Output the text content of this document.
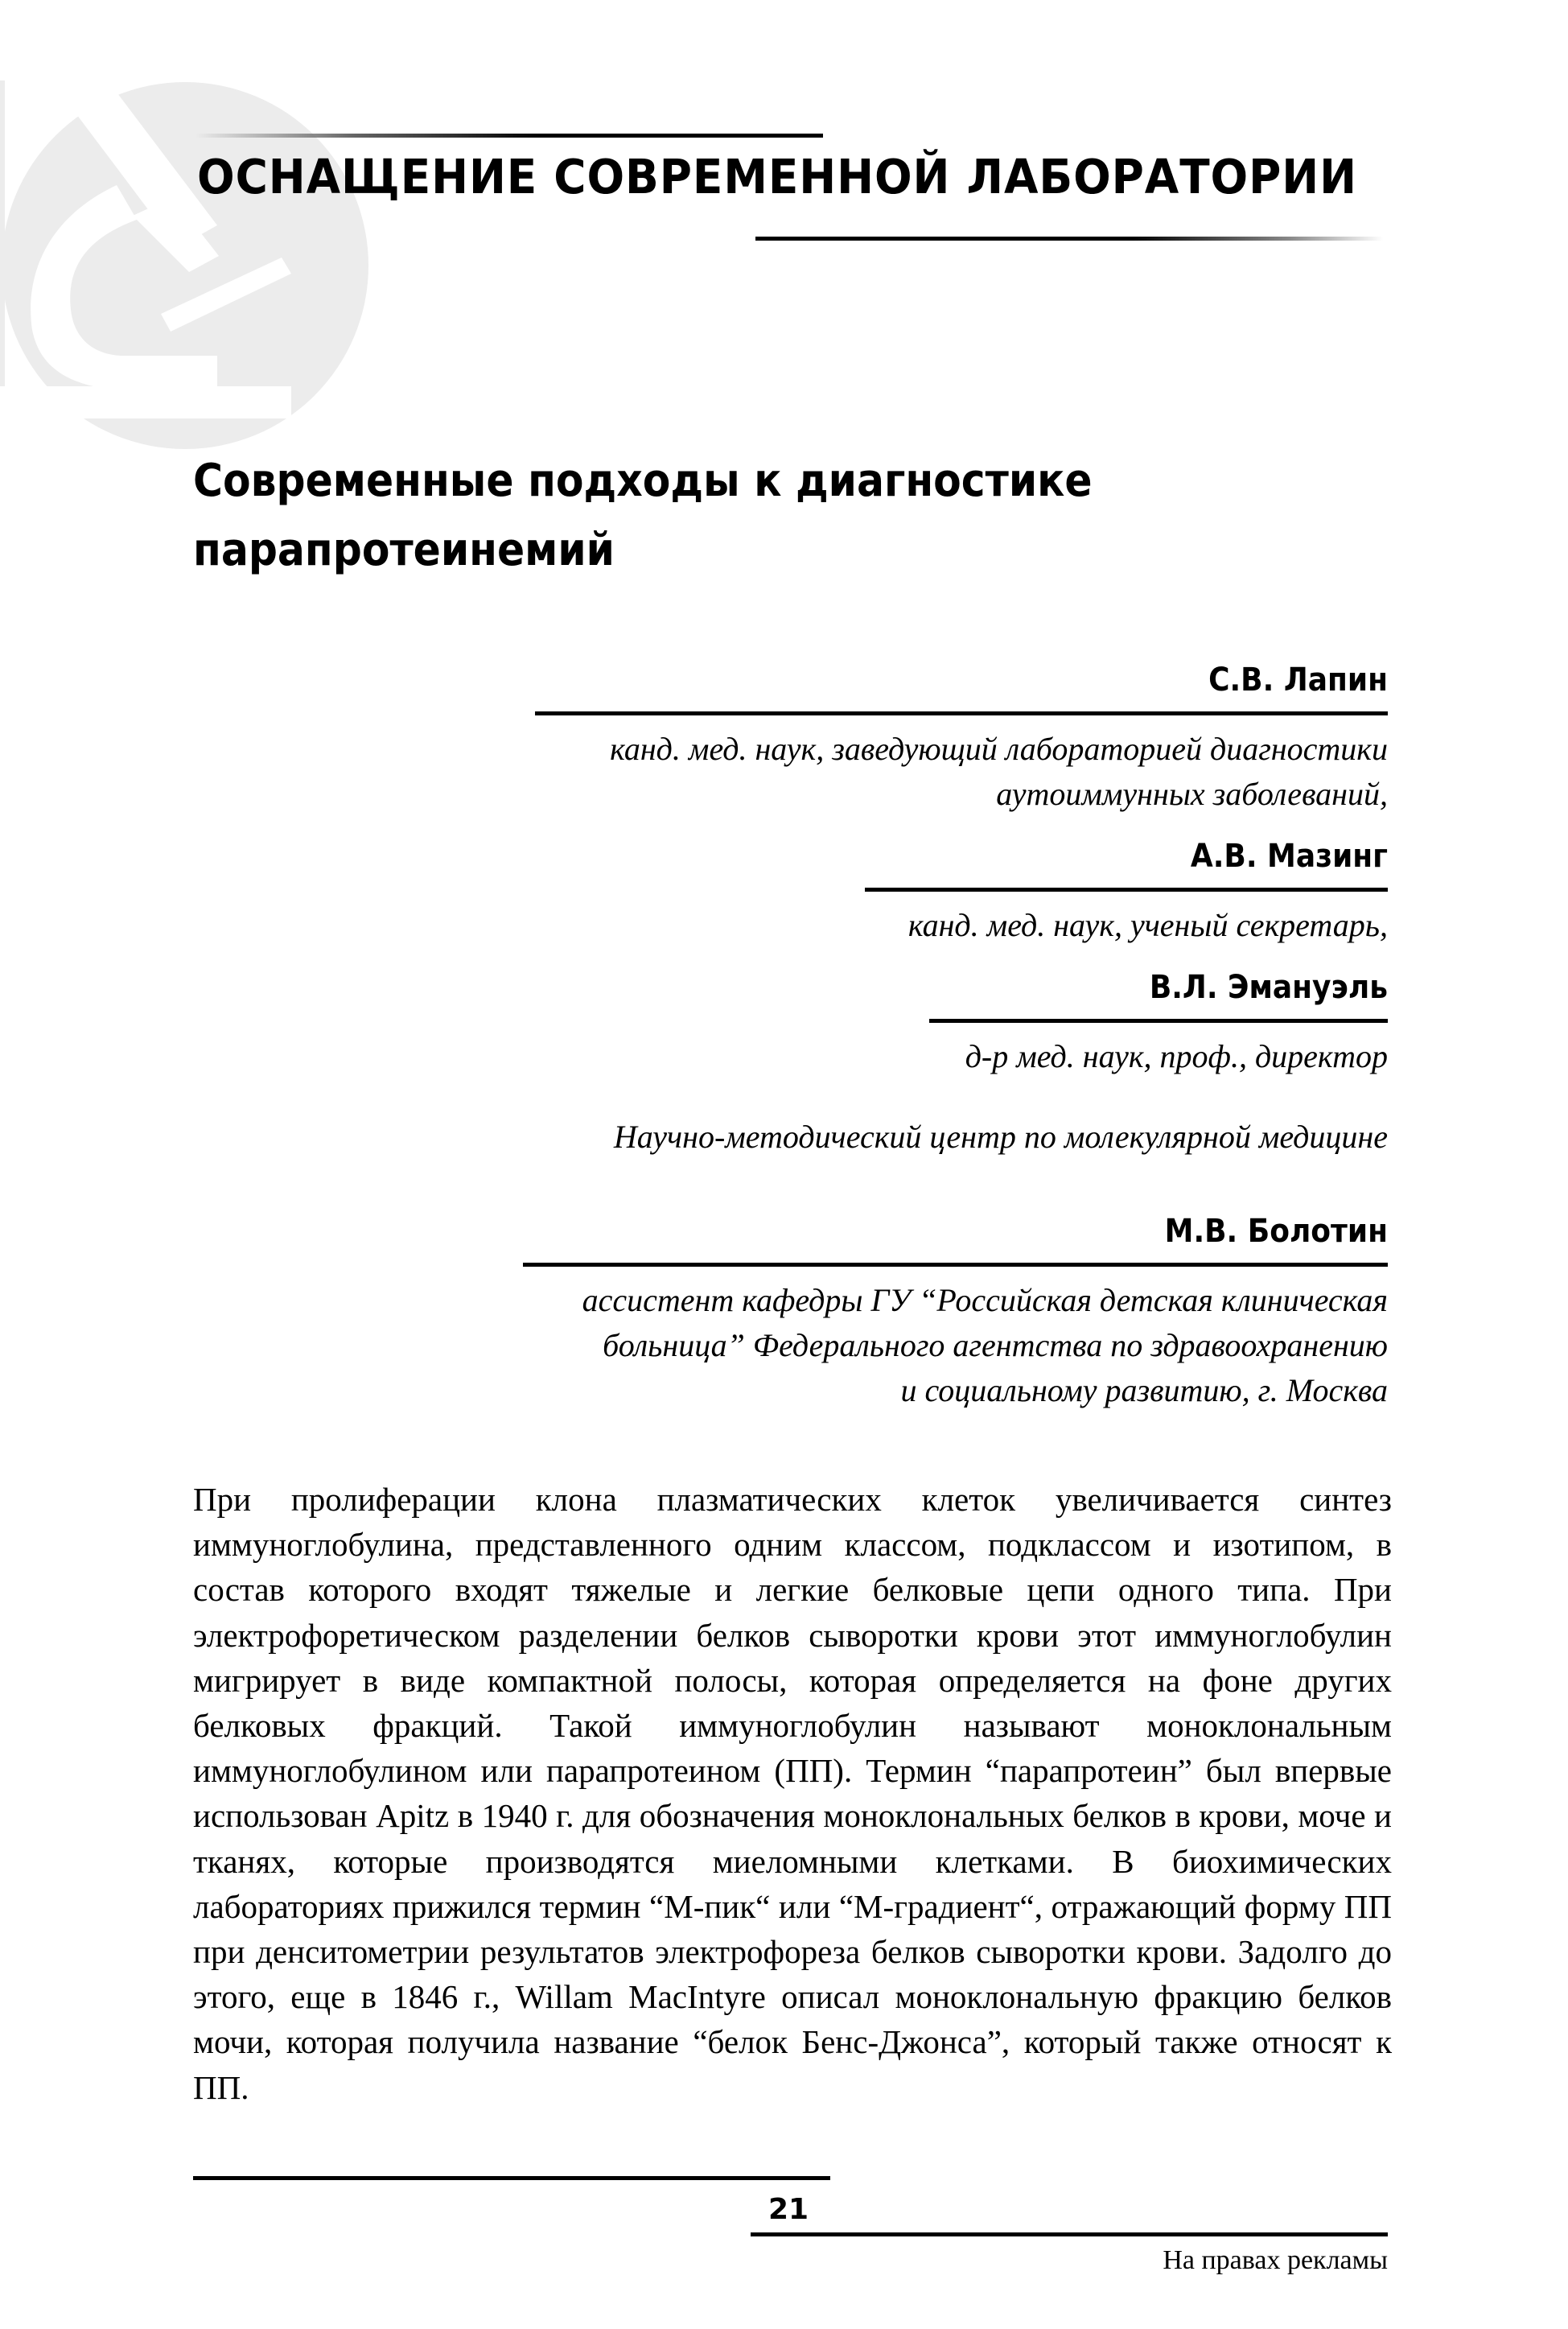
ОСНАЩЕНИЕ СОВРЕМЕННОЙ ЛАБОРАТОРИИ
Современные подходы к диагностике парапротеинемий
С.В. Лапин
канд. мед. наук, заведующий лабораторией диагностики
аутоиммунных заболеваний,
А.В. Мазинг
канд. мед. наук, ученый секретарь,
В.Л. Эмануэль
д-р мед. наук, проф., директор
Научно-методический центр по молекулярной медицине
М.В. Болотин
ассистент кафедры ГУ “Российская детская клиническая
больница” Федерального агентства по здравоохранению
и социальному развитию, г. Москва
При пролиферации клона плазматических клеток увеличивается синтез иммуноглобулина, представленного одним классом, подклассом и изотипом, в состав которого входят тяжелые и легкие белковые цепи одного типа. При электрофоретическом разделении белков сыворотки крови этот иммуноглобулин мигрирует в виде компактной полосы, которая определяется на фоне других белковых фракций. Такой иммуноглобулин называют моноклональным иммуноглобулином или парапротеином (ПП). Термин “парапротеин” был впервые использован Apitz в 1940 г. для обозначения моноклональных белков в крови, моче и тканях, которые производятся миеломными клетками. В биохимических лабораториях прижился термин “М-пик“ или “М-градиент“, отражающий форму ПП при денситометрии результатов электрофореза белков сыворотки крови. Задолго до этого, еще в 1846 г., Willam MacIntyre описал моноклональную фракцию белков мочи, которая получила название “белок Бенс-Джонса”, который также относят к ПП.
21
На правах рекламы
